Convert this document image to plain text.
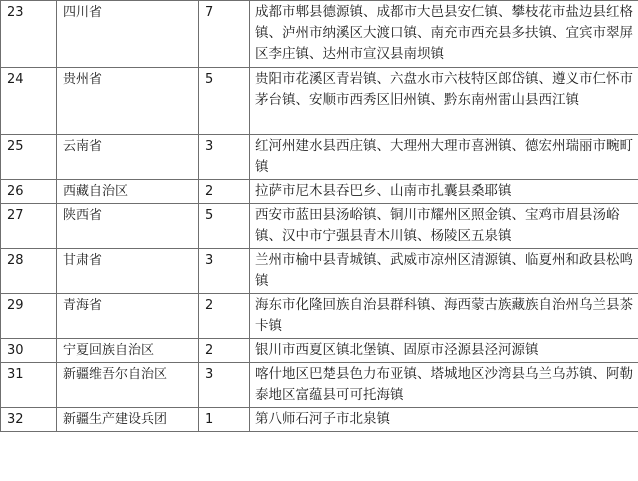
23	四川省	7	成都市郫县德源镇、成都市大邑县安仁镇、攀枝花市盐边县红格镇、泸州市纳溪区大渡口镇、南充市西充县多扶镇、宜宾市翠屏区李庄镇、达州市宣汉县南坝镇
24	贵州省	5	贵阳市花溪区青岩镇、六盘水市六枝特区郎岱镇、遵义市仁怀市茅台镇、安顺市西秀区旧州镇、黔东南州雷山县西江镇
25	云南省	3	红河州建水县西庄镇、大理州大理市喜洲镇、德宏州瑞丽市畹町镇
26	西藏自治区	2	拉萨市尼木县吞巴乡、山南市扎囊县桑耶镇
27	陕西省	5	西安市蓝田县汤峪镇、铜川市耀州区照金镇、宝鸡市眉县汤峪镇、汉中市宁强县青木川镇、杨陵区五泉镇
28	甘肃省	3	兰州市榆中县青城镇、武威市凉州区清源镇、临夏州和政县松鸣镇
29	青海省	2	海东市化隆回族自治县群科镇、海西蒙古族藏族自治州乌兰县茶卡镇
30	宁夏回族自治区	2	银川市西夏区镇北堡镇、固原市泾源县泾河源镇
31	新疆维吾尔自治区	3	喀什地区巴楚县色力布亚镇、塔城地区沙湾县乌兰乌苏镇、阿勒泰地区富蕴县可可托海镇
32	新疆生产建设兵团	1	第八师石河子市北泉镇
